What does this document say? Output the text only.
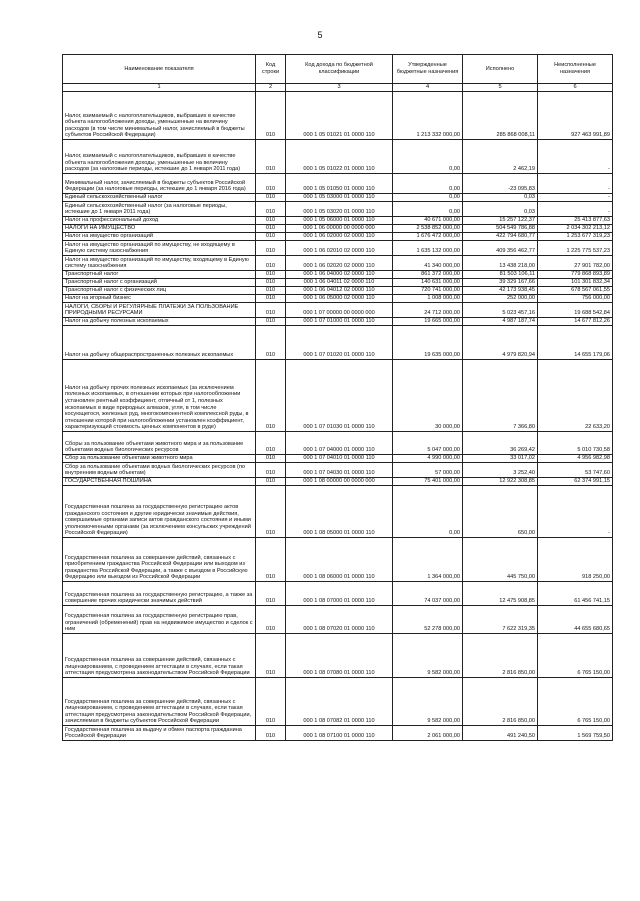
5
Наименование показателя	Код строки	Код дохода по бюджетной классификации	Утвержденные бюджетные назначения	Исполнено	Неисполненные назначения
1	2	3	4	5	6
Налог, взимаемый с налогоплательщиков, выбравших в качестве объекта налогообложения доходы, уменьшенные на величину расходов (в том числе минимальный налог, зачисляемый в бюджеты субъектов Российской Федерации)	010	000 1 05 01021 01 0000 110	1 213 332 000,00	285 868 008,11	927 463 991,89
Налог, взимаемый с налогоплательщиков, выбравших в качестве объекта налогообложения доходы, уменьшенные на величину расходов (за налоговые периоды, истекшие до 1 января 2011 года)	010	000 1 05 01022 01 0000 110	0,00	2 462,19	-
Минимальный налог, зачисляемый в бюджеты субъектов Российской Федерации (за налоговые периоды, истекшие до 1 января 2016 года)	010	000 1 05 01050 01 0000 110	0,00	-23 095,83	-
Единый сельскохозяйственный налог	010	000 1 05 03000 01 0000 110	0,00	0,03	-
Единый сельскохозяйственный налог (за налоговые периоды, истекшие до 1 января 2011 года)	010	000 1 05 03020 01 0000 110	0,00	0,03	-
Налог на профессиональный доход	010	000 1 05 06000 01 0000 110	40 671 000,00	15 257 122,37	25 413 877,63
НАЛОГИ НА ИМУЩЕСТВО	010	000 1 06 00000 00 0000 000	2 538 852 000,00	504 549 786,88	2 034 302 213,12
Налог на имущество организаций	010	000 1 06 02000 02 0000 110	1 676 472 000,00	422 794 680,77	1 253 677 319,23
Налог на имущество организаций по имуществу, не входящему в Единую систему газоснабжения	010	000 1 06 02010 02 0000 110	1 635 132 000,00	409 356 462,77	1 225 775 537,23
Налог на имущество организаций по имуществу, входящему в Единую систему газоснабжения	010	000 1 06 02020 02 0000 110	41 340 000,00	13 438 218,00	27 901 782,00
Транспортный налог	010	000 1 06 04000 02 0000 110	861 372 000,00	81 503 106,11	779 868 893,89
Транспортный налог с организаций	010	000 1 06 04011 02 0000 110	140 631 000,00	39 329 167,66	101 301 832,34
Транспортный налог с физических лиц	010	000 1 06 04012 02 0000 110	720 741 000,00	42 173 938,45	678 567 061,55
Налог на игорный бизнес	010	000 1 06 05000 02 0000 110	1 008 000,00	252 000,00	756 000,00
НАЛОГИ, СБОРЫ И РЕГУЛЯРНЫЕ ПЛАТЕЖИ ЗА ПОЛЬЗОВАНИЕ ПРИРОДНЫМИ РЕСУРСАМИ	010	000 1 07 00000 00 0000 000	24 712 000,00	5 023 457,16	19 688 542,84
Налог на добычу полезных ископаемых	010	000 1 07 01000 01 0000 110	19 665 000,00	4 987 187,74	14 677 812,26
Налог на добычу общераспространенных полезных ископаемых	010	000 1 07 01020 01 0000 110	19 635 000,00	4 979 820,94	14 655 179,06
Налог на добычу прочих полезных ископаемых (за исключением полезных ископаемых, в отношении которых при налогообложении установлен рентный коэффициент, отличный от 1, полезных ископаемых в виде природных алмазов, угля, в том числе косующегося, железных руд, многокомпонентной комплексной руды, в отношении которой при налогообложении установлен коэффициент, характеризующий стоимость ценных компонентов в руде)	010	000 1 07 01030 01 0000 110	30 000,00	7 366,80	22 633,20
Сборы за пользование объектами животного мира и за пользование объектами водных биологических ресурсов	010	000 1 07 04000 01 0000 110	5 047 000,00	36 269,42	5 010 730,58
Сбор за пользование объектами животного мира	010	000 1 07 04010 01 0000 110	4 990 000,00	33 017,02	4 956 982,98
Сбор за пользование объектами водных биологических ресурсов (по внутренним водным объектам)	010	000 1 07 04030 01 0000 110	57 000,00	3 252,40	53 747,60
ГОСУДАРСТВЕННАЯ ПОШЛИНА	010	000 1 08 00000 00 0000 000	75 401 000,00	12 922 308,85	62 374 991,15
Государственная пошлина за государственную регистрацию актов гражданского состояния и другие юридически значимые действия, совершаемые органами записи актов гражданского состояния и иными уполномоченными органами (за исключением консульских учреждений Российской Федерации)	010	000 1 08 05000 01 0000 110	0,00	650,00	-
Государственная пошлина за совершение действий, связанных с приобретением гражданства Российской Федерации или выходом из гражданства Российской Федерации, а также с въездом в Российскую Федерацию или выездом из Российской Федерации	010	000 1 08 06000 01 0000 110	1 364 000,00	445 750,00	918 250,00
Государственная пошлина за государственную регистрацию, а также за совершение прочих юридически значимых действий	010	000 1 08 07000 01 0000 110	74 037 000,00	12 475 908,85	61 456 741,15
Государственная пошлина за государственную регистрацию прав, ограничений (обременений) прав на недвижимое имущество и сделок с ним	010	000 1 08 07020 01 0000 110	52 278 000,00	7 622 319,35	44 655 680,65
Государственная пошлина за совершение действий, связанных с лицензированием, с проведением аттестации в случаях, если такая аттестация предусмотрена законодательством Российской Федерации	010	000 1 08 07080 01 0000 110	9 582 000,00	2 816 850,00	6 765 150,00
Государственная пошлина за совершение действий, связанных с лицензированием, с проведением аттестации в случаях, если такая аттестация предусмотрена законодательством Российской Федерации, зачисляемая в бюджеты субъектов Российской Федерации	010	000 1 08 07082 01 0000 110	9 582 000,00	2 816 850,00	6 765 150,00
Государственная пошлина за выдачу и обмен паспорта гражданина Российской Федерации	010	000 1 08 07100 01 0000 110	2 061 000,00	491 240,50	1 569 759,50
